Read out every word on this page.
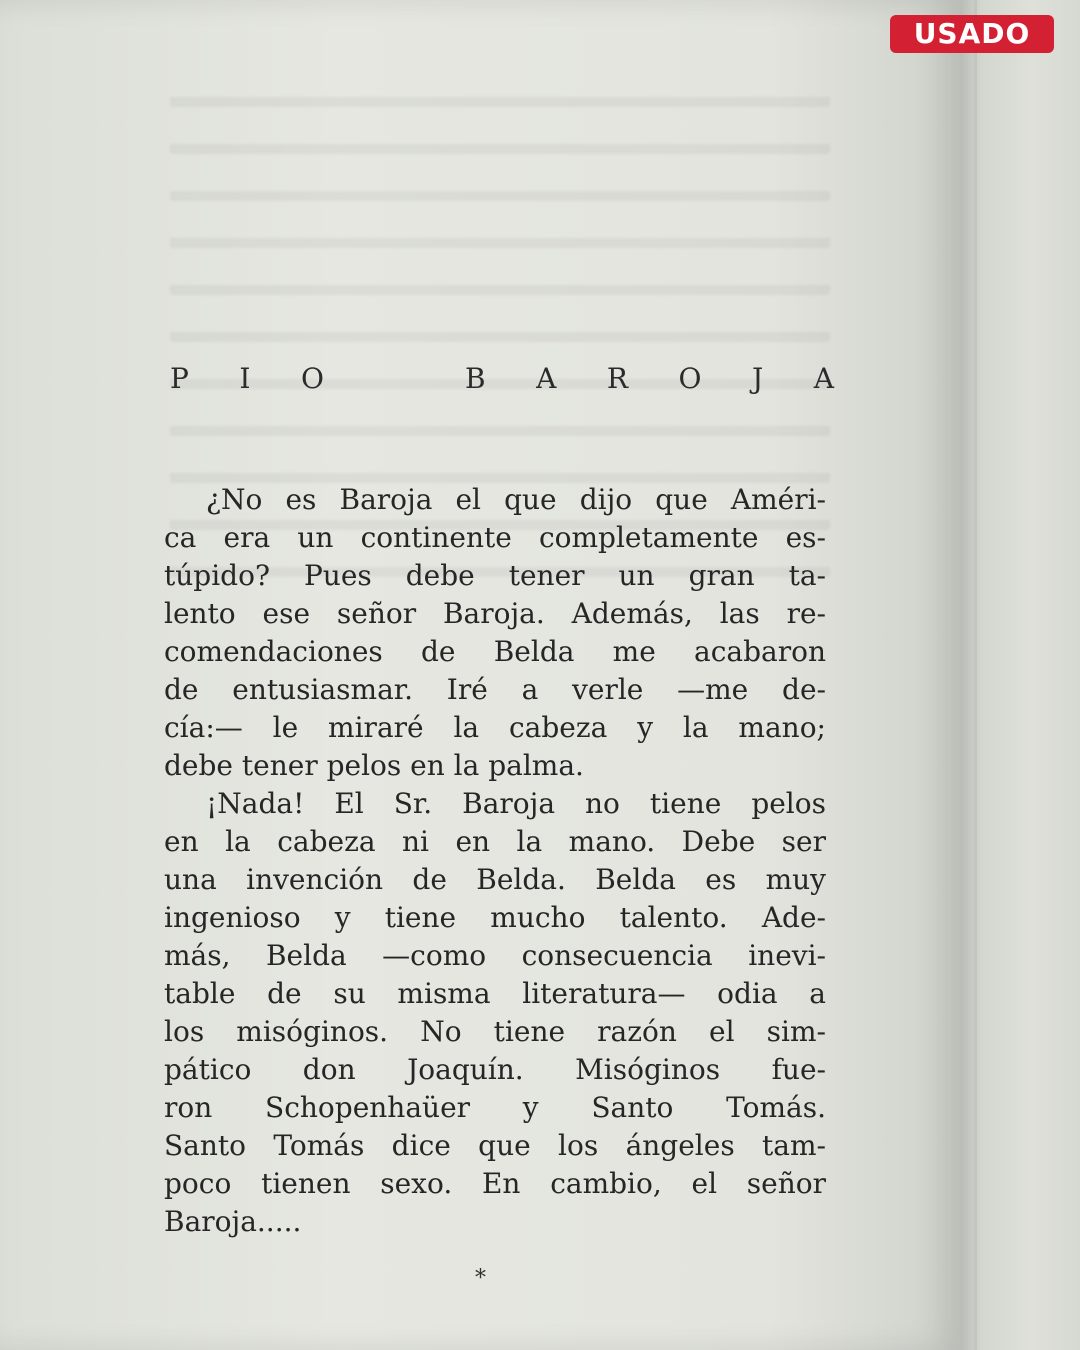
P I O	B A R O J A
¿No es Baroja el que dijo que Améri-
ca era un continente completamente es-
túpido? Pues debe tener un gran ta-
lento ese señor Baroja. Además, las re-
comendaciones de Belda me acabaron
de entusiasmar. Iré a verle —me de-
cía:— le miraré la cabeza y la mano;
debe tener pelos en la palma.
¡Nada! El Sr. Baroja no tiene pelos
en la cabeza ni en la mano. Debe ser
una invención de Belda. Belda es muy
ingenioso y tiene mucho talento. Ade-
más, Belda —como consecuencia inevi-
table de su misma literatura— odia a
los misóginos. No tiene razón el sim-
pático don Joaquín. Misóginos fue-
ron Schopenhaüer y Santo Tomás.
Santo Tomás dice que los ángeles tam-
poco tienen sexo. En cambio, el señor
Baroja.....
*
USADO
